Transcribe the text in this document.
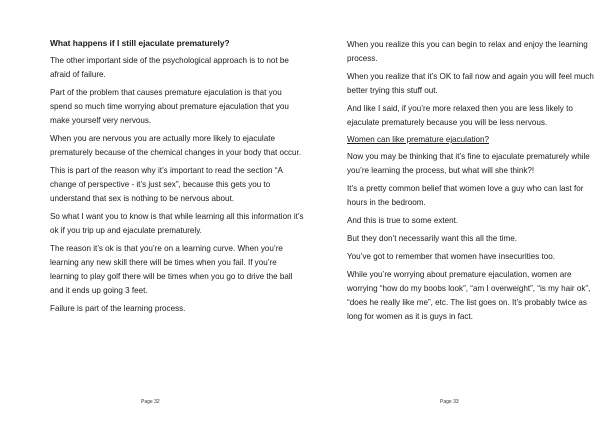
What happens if I still ejaculate prematurely?

The other important side of the psychological approach is to not be afraid of failure.

Part of the problem that causes premature ejaculation is that you spend so much time worrying about premature ejaculation that you make yourself very nervous.

When you are nervous you are actually more likely to ejaculate prematurely because of the chemical changes in your body that occur.

This is part of the reason why it’s important to read the section “A change of perspective - it’s just sex”, because this gets you to understand that sex is nothing to be nervous about.

So what I want you to know is that while learning all this information it’s ok if you trip up and ejaculate prematurely.

The reason it’s ok is that you’re on a learning curve. When you’re learning any new skill there will be times when you fail. If you’re learning to play golf there will be times when you go to drive the ball and it ends up going 3 feet.

Failure is part of the learning process.

Page 32

When you realize this you can begin to relax and enjoy the learning process.

When you realize that it’s OK to fail now and again you will feel much better trying this stuff out.

And like I said, if you’re more relaxed then you are less likely to ejaculate prematurely because you will be less nervous.

Women can like premature ejaculation?

Now you may be thinking that it’s fine to ejaculate prematurely while you’re learning the process, but what will she think?!

It’s a pretty common belief that women love a guy who can last for hours in the bedroom.

And this is true to some extent.

But they don’t necessarily want this all the time.

You’ve got to remember that women have insecurities too.

While you’re worrying about premature ejaculation, women are worrying “how do my boobs look”, “am I overweight”, “is my hair ok”, “does he really like me”, etc. The list goes on. It’s probably twice as long for women as it is guys in fact.

Page 33
